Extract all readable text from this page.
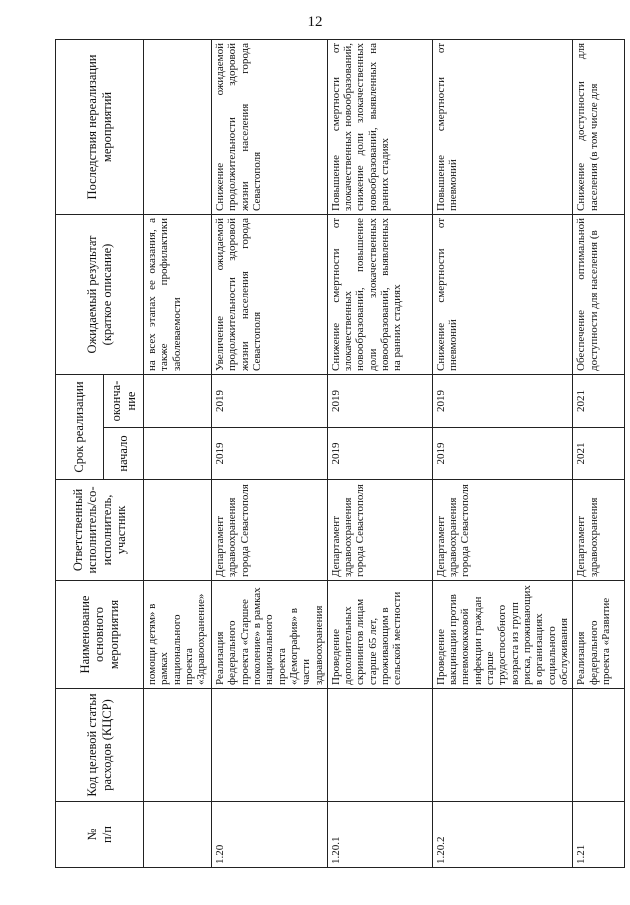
12
№
п/п	Код целевой статьи расходов (КЦСР)	Наименование основного мероприятия	Ответственный исполнитель/со-исполнитель, участник	Срок реализации		Ожидаемый результат (краткое описание)	Последствия нереализации мероприятий
				начало	оконча-
ние		
		помощи детям» в рамках национального проекта «Здравоохранение»				на всех этапах ее оказания, а также профилактики заболеваемости	
1.20		Реализация федерального проекта «Старшее поколение» в рамках национального проекта «Демография» в части здравоохранения	Департамент здравоохранения города Севастополя	2019	2019	Увеличение ожидаемой продолжительности здоровой жизни населения города Севастополя	Снижение ожидаемой продолжительности здоровой жизни населения города Севастополя
1.20.1		Проведение дополнительных скринингов лицам старше 65 лет, проживающим в сельской местности	Департамент здравоохранения города Севастополя	2019	2019	Снижение смертности от злокачественных новообразований, повышение доли злокачественных новообразований, выявленных на ранних стадиях	Повышение смертности от злокачественных новообразований, снижение доли злокачественных новообразований, выявленных на ранних стадиях
1.20.2		Проведение вакцинации против пневмококковой инфекции граждан старше трудоспособного возраста из групп риска, проживающих в организациях социального обслуживания	Департамент здравоохранения города Севастополя	2019	2019	Снижение смертности от пневмоний	Повышение смертности от пневмоний
1.21		Реализация федерального проекта «Развитие	Департамент здравоохранения	2021	2021	Обеспечение оптимальной доступности для населения (в	Снижение доступности для населения (в том числе для
